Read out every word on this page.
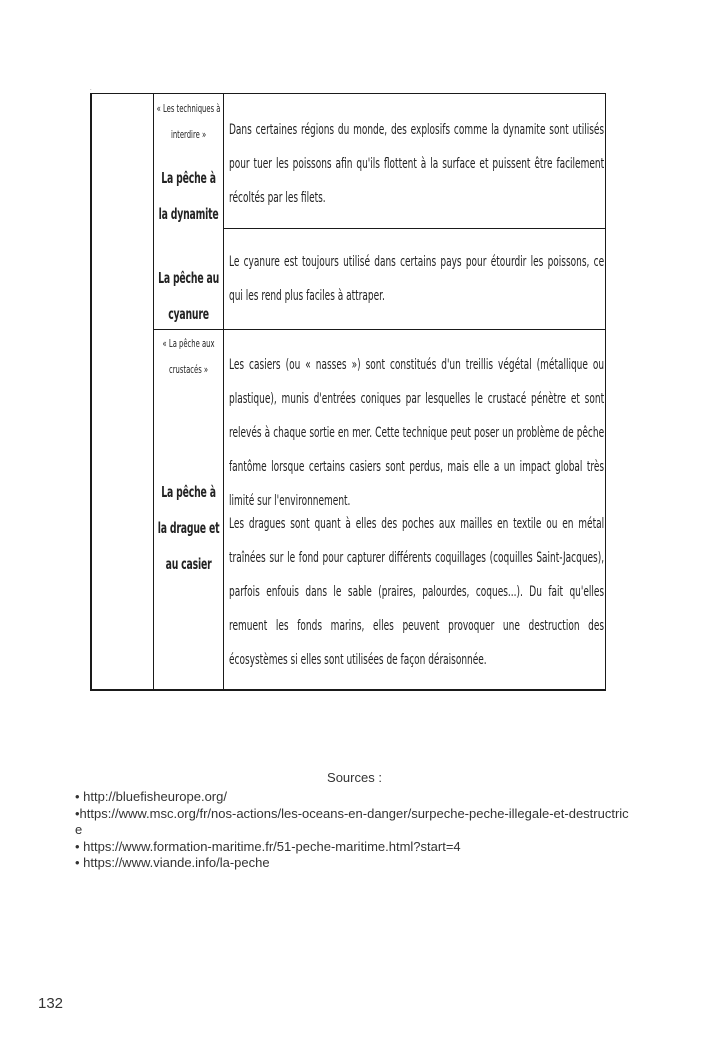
.
« Les techniques à interdire »
La pêche à la dynamite
La pêche au cyanure
Dans certaines régions du monde, des explosifs comme la dynamite sont utilisés pour tuer les poissons afin qu'ils flottent à la surface et puissent être facilement récoltés par les filets.
Le cyanure est toujours utilisé dans certains pays pour étourdir les poissons, ce qui les rend plus faciles à attraper.
« La pêche aux crustacés »
La pêche à la drague et au casier
Les casiers (ou « nasses ») sont constitués d'un treillis végétal (métallique ou plastique), munis d'entrées coniques par lesquelles le crustacé pénètre et sont relevés à chaque sortie en mer. Cette technique peut poser un problème de pêche fantôme lorsque certains casiers sont perdus, mais elle a un impact global très limité sur l'environnement.
Les dragues sont quant à elles des poches aux mailles en textile ou en métal traînées sur le fond pour capturer différents coquillages (coquilles Saint-Jacques), parfois enfouis dans le sable (praires, palourdes, coques...). Du fait qu'elles remuent les fonds marins, elles peuvent provoquer une destruction des écosystèmes si elles sont utilisées de façon déraisonnée.
Sources :
• http://bluefisheurope.org/
•https://www.msc.org/fr/nos-actions/les-oceans-en-danger/surpeche-peche-illegale-et-destructrice
• https://www.formation-maritime.fr/51-peche-maritime.html?start=4
• https://www.viande.info/la-peche
132
